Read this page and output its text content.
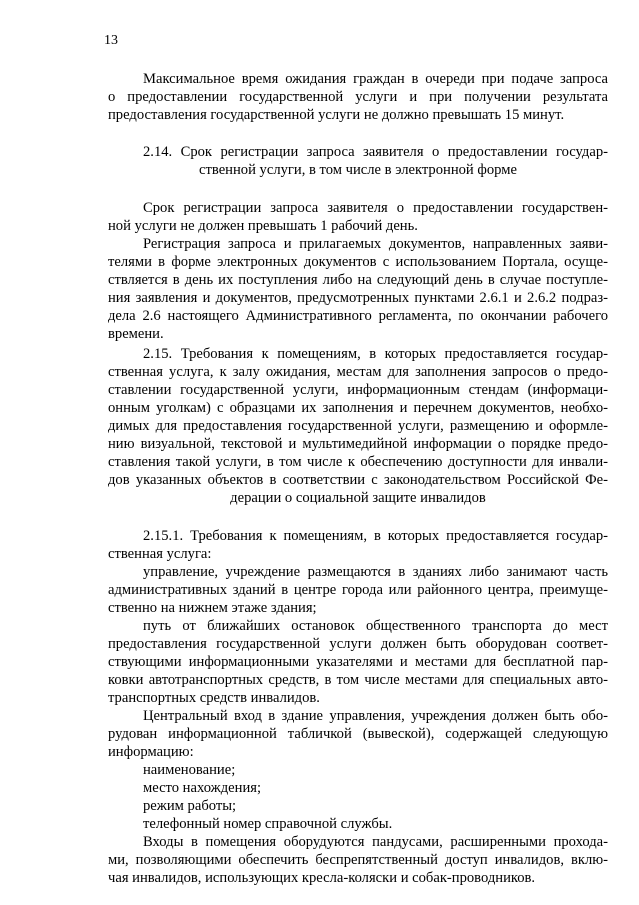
13
Максимальное время ожидания граждан в очереди при подаче запроса
о предоставлении государственной услуги и при получении результата
предоставления государственной услуги не должно превышать 15 минут.
2.14. Срок регистрации запроса заявителя о предоставлении государ-
ственной услуги, в том числе в электронной форме
Срок регистрации запроса заявителя о предоставлении государствен-
ной услуги не должен превышать 1 рабочий день.
Регистрация запроса и прилагаемых документов, направленных заяви-
телями в форме электронных документов с использованием Портала, осуще-
ствляется в день их поступления либо на следующий день в случае поступле-
ния заявления и документов, предусмотренных пунктами 2.6.1 и 2.6.2 подраз-
дела 2.6 настоящего Административного регламента, по окончании рабочего
времени.
2.15. Требования к помещениям, в которых предоставляется государ-
ственная услуга, к залу ожидания, местам для заполнения запросов о предо-
ставлении государственной услуги, информационным стендам (информаци-
онным уголкам) с образцами их заполнения и перечнем документов, необхо-
димых для предоставления государственной услуги, размещению и оформле-
нию визуальной, текстовой и мультимедийной информации о порядке предо-
ставления такой услуги, в том числе к обеспечению доступности для инвали-
дов указанных объектов в соответствии с законодательством Российской Фе-
дерации о социальной защите инвалидов
2.15.1. Требования к помещениям, в которых предоставляется государ-
ственная услуга:
управление, учреждение размещаются в зданиях либо занимают часть
административных зданий в центре города или районного центра, преимуще-
ственно на нижнем этаже здания;
путь от ближайших остановок общественного транспорта до мест
предоставления государственной услуги должен быть оборудован соответ-
ствующими информационными указателями и местами для бесплатной пар-
ковки автотранспортных средств, в том числе местами для специальных авто-
транспортных средств инвалидов.
Центральный вход в здание управления, учреждения должен быть обо-
рудован информационной табличкой (вывеской), содержащей следующую
информацию:
наименование;
место нахождения;
режим работы;
телефонный номер справочной службы.
Входы в помещения оборудуются пандусами, расширенными прохода-
ми, позволяющими обеспечить беспрепятственный доступ инвалидов, вклю-
чая инвалидов, использующих кресла-коляски и собак-проводников.
